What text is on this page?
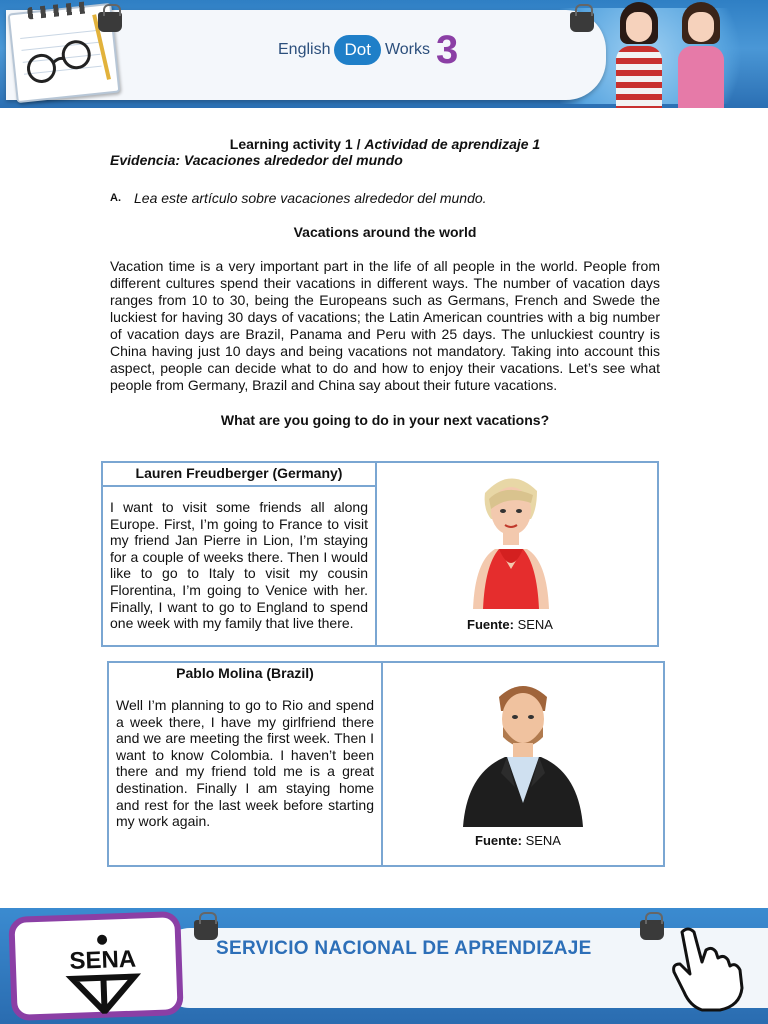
English Dot Works 3
Learning activity 1 / Actividad de aprendizaje 1
Evidencia: Vacaciones alrededor del mundo
A. Lea este artículo sobre vacaciones alrededor del mundo.
Vacations around the world
Vacation time is a very important part in the life of all people in the world. People from different cultures spend their vacations in different ways. The number of vacation days ranges from 10 to 30, being the Europeans such as Germans, French and Swede the luckiest for having 30 days of vacations; the Latin American countries with a big number of vacation days are Brazil, Panama and Peru with 25 days. The unluckiest country is China having just 10 days and being vacations not mandatory. Taking into account this aspect, people can decide what to do and how to enjoy their vacations. Let’s see what people from Germany, Brazil and China say about their future vacations.
What are you going to do in your next vacations?
Lauren Freudberger (Germany)
I want to visit some friends all along Europe. First, I’m going to France to visit my friend Jan Pierre in Lion, I’m staying for a couple of weeks there. Then I would like to go to Italy to visit my cousin Florentina, I’m going to Venice with her. Finally, I want to go to England to spend one week with my family that live there.	Fuente: SENA
Pablo Molina (Brazil)
Well I’m planning to go to Rio and spend a week there, I have my girlfriend there and we are meeting the first week. Then I want to know Colombia. I haven’t been there and my friend told me is a great destination. Finally I am staying home and rest for the last week before starting my work again.
Fuente: SENA
SENA	SERVICIO NACIONAL DE APRENDIZAJE
